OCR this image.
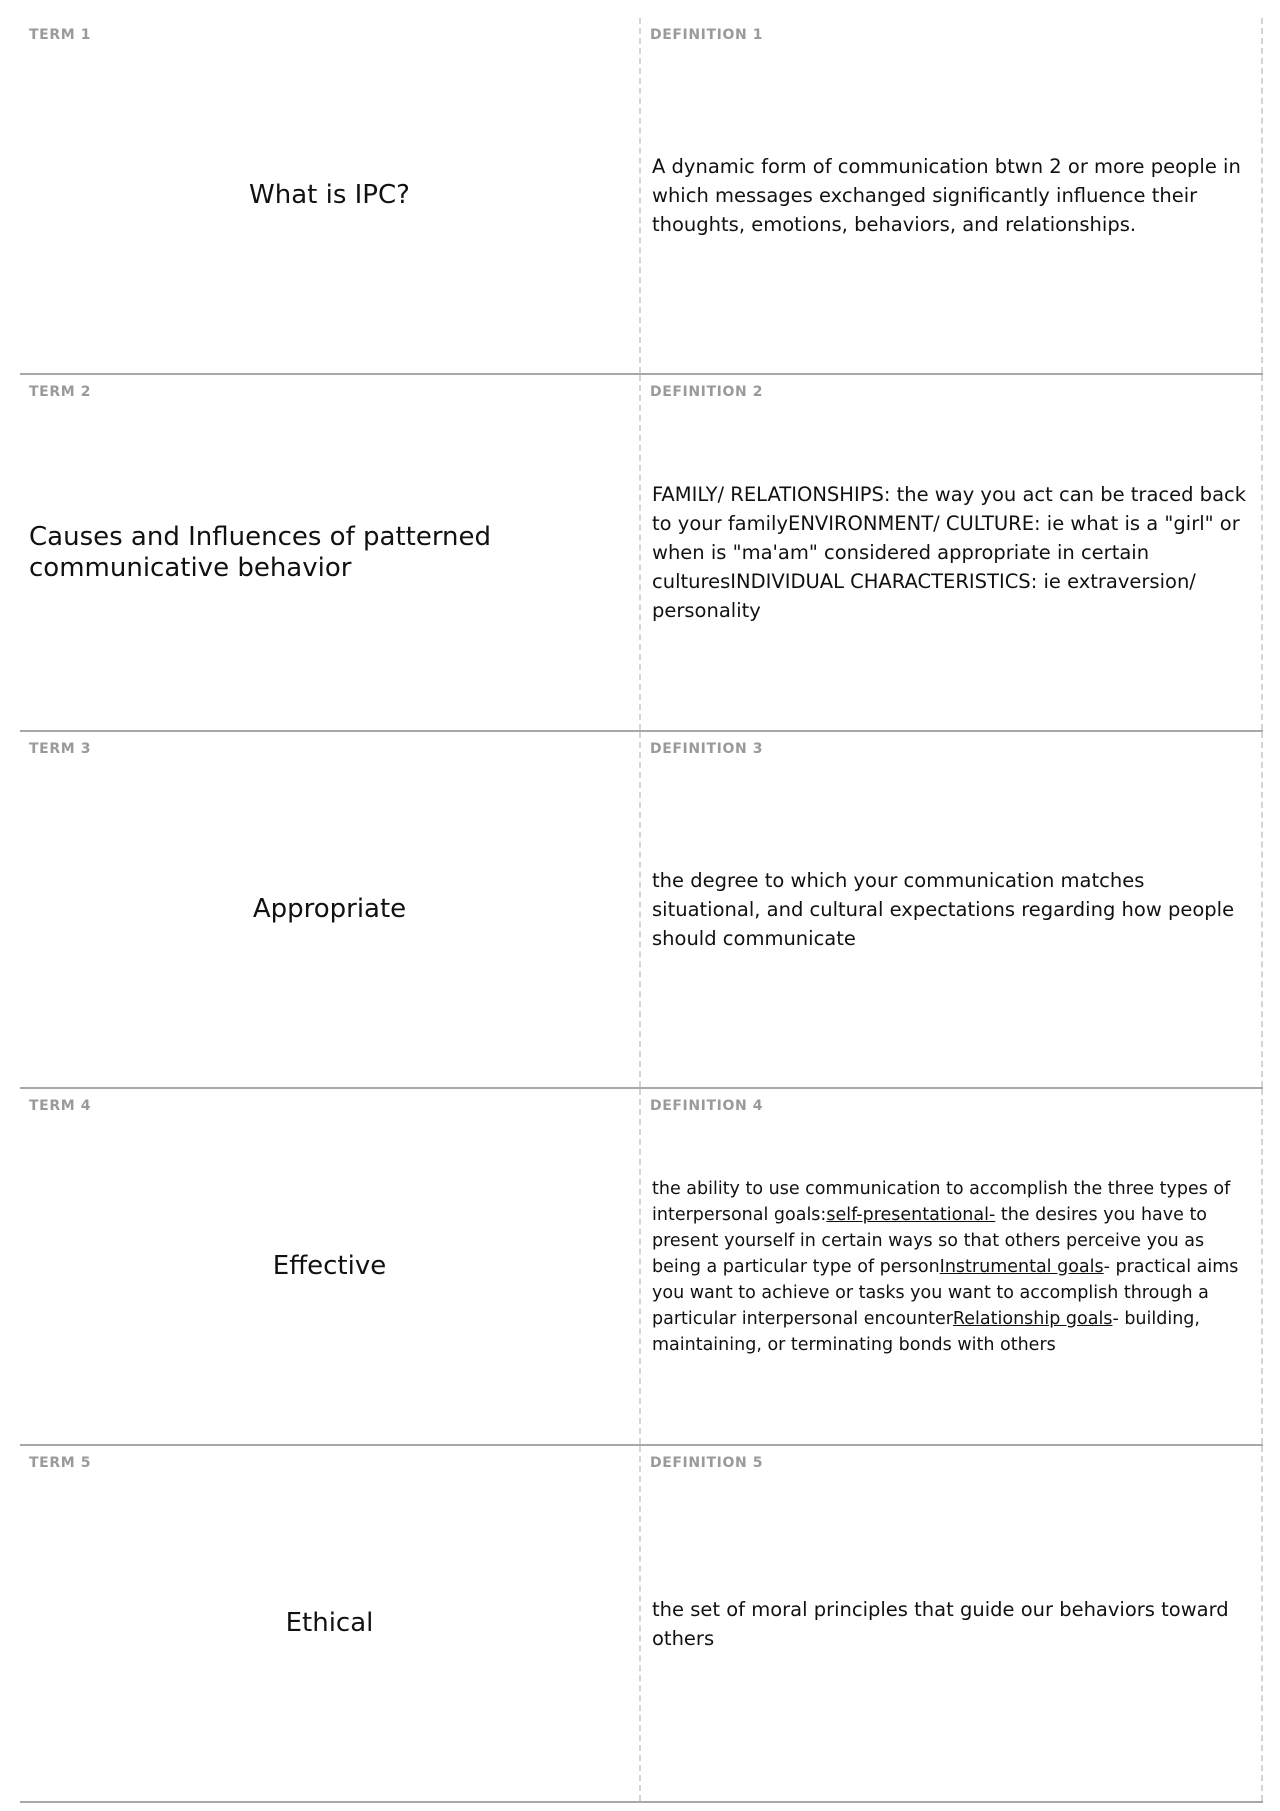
TERM 1
What is IPC?
DEFINITION 1
A dynamic form of communication btwn 2 or more people in which messages exchanged significantly influence their thoughts, emotions, behaviors, and relationships.
TERM 2
Causes and Influences of patterned communicative behavior
DEFINITION 2
FAMILY/ RELATIONSHIPS: the way you act can be traced back to your familyENVIRONMENT/ CULTURE: ie what is a "girl" or when is "ma'am" considered appropriate in certain culturesINDIVIDUAL CHARACTERISTICS: ie extraversion/ personality
TERM 3
Appropriate
DEFINITION 3
the degree to which your communication matches situational, and cultural expectations regarding how people should communicate
TERM 4
Effective
DEFINITION 4
the ability to use communication to accomplish the three types of interpersonal goals:self-presentational- the desires you have to present yourself in certain ways so that others perceive you as being a particular type of personInstrumental goals- practical aims you want to achieve or tasks you want to accomplish through a particular interpersonal encounterRelationship goals- building, maintaining, or terminating bonds with others
TERM 5
Ethical
DEFINITION 5
the set of moral principles that guide our behaviors toward others
